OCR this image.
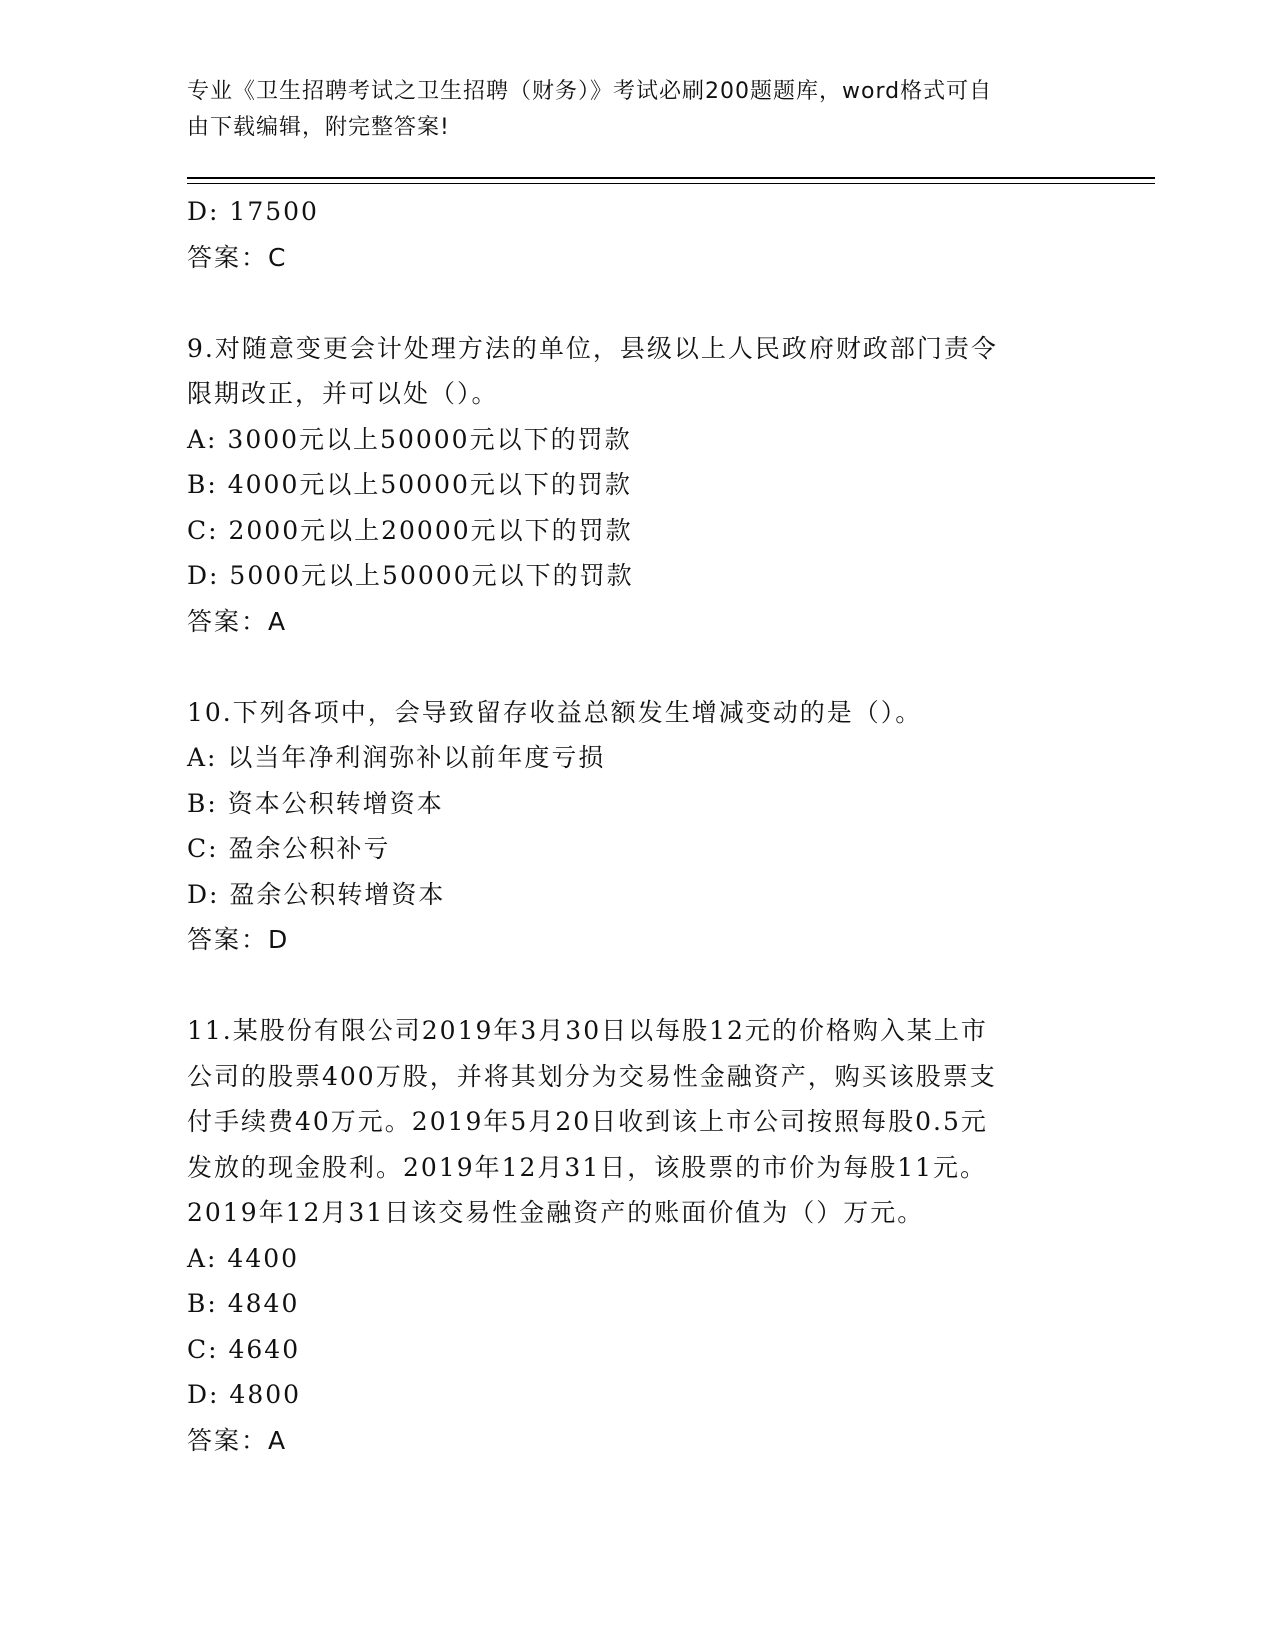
专业《卫生招聘考试之卫生招聘（财务）》考试必刷200题题库，word格式可自
由下载编辑，附完整答案!
D: 17500
答案：C
9.对随意变更会计处理方法的单位，县级以上人民政府财政部门责令
限期改正，并可以处（）。
A: 3000元以上50000元以下的罚款
B: 4000元以上50000元以下的罚款
C: 2000元以上20000元以下的罚款
D: 5000元以上50000元以下的罚款
答案：A
10.下列各项中，会导致留存收益总额发生增减变动的是（）。
A: 以当年净利润弥补以前年度亏损
B: 资本公积转增资本
C: 盈余公积补亏
D: 盈余公积转增资本
答案：D
11.某股份有限公司2019年3月30日以每股12元的价格购入某上市
公司的股票400万股，并将其划分为交易性金融资产，购买该股票支
付手续费40万元。2019年5月20日收到该上市公司按照每股0.5元
发放的现金股利。2019年12月31日，该股票的市价为每股11元。
2019年12月31日该交易性金融资产的账面价值为（）万元。
A: 4400
B: 4840
C: 4640
D: 4800
答案：A
